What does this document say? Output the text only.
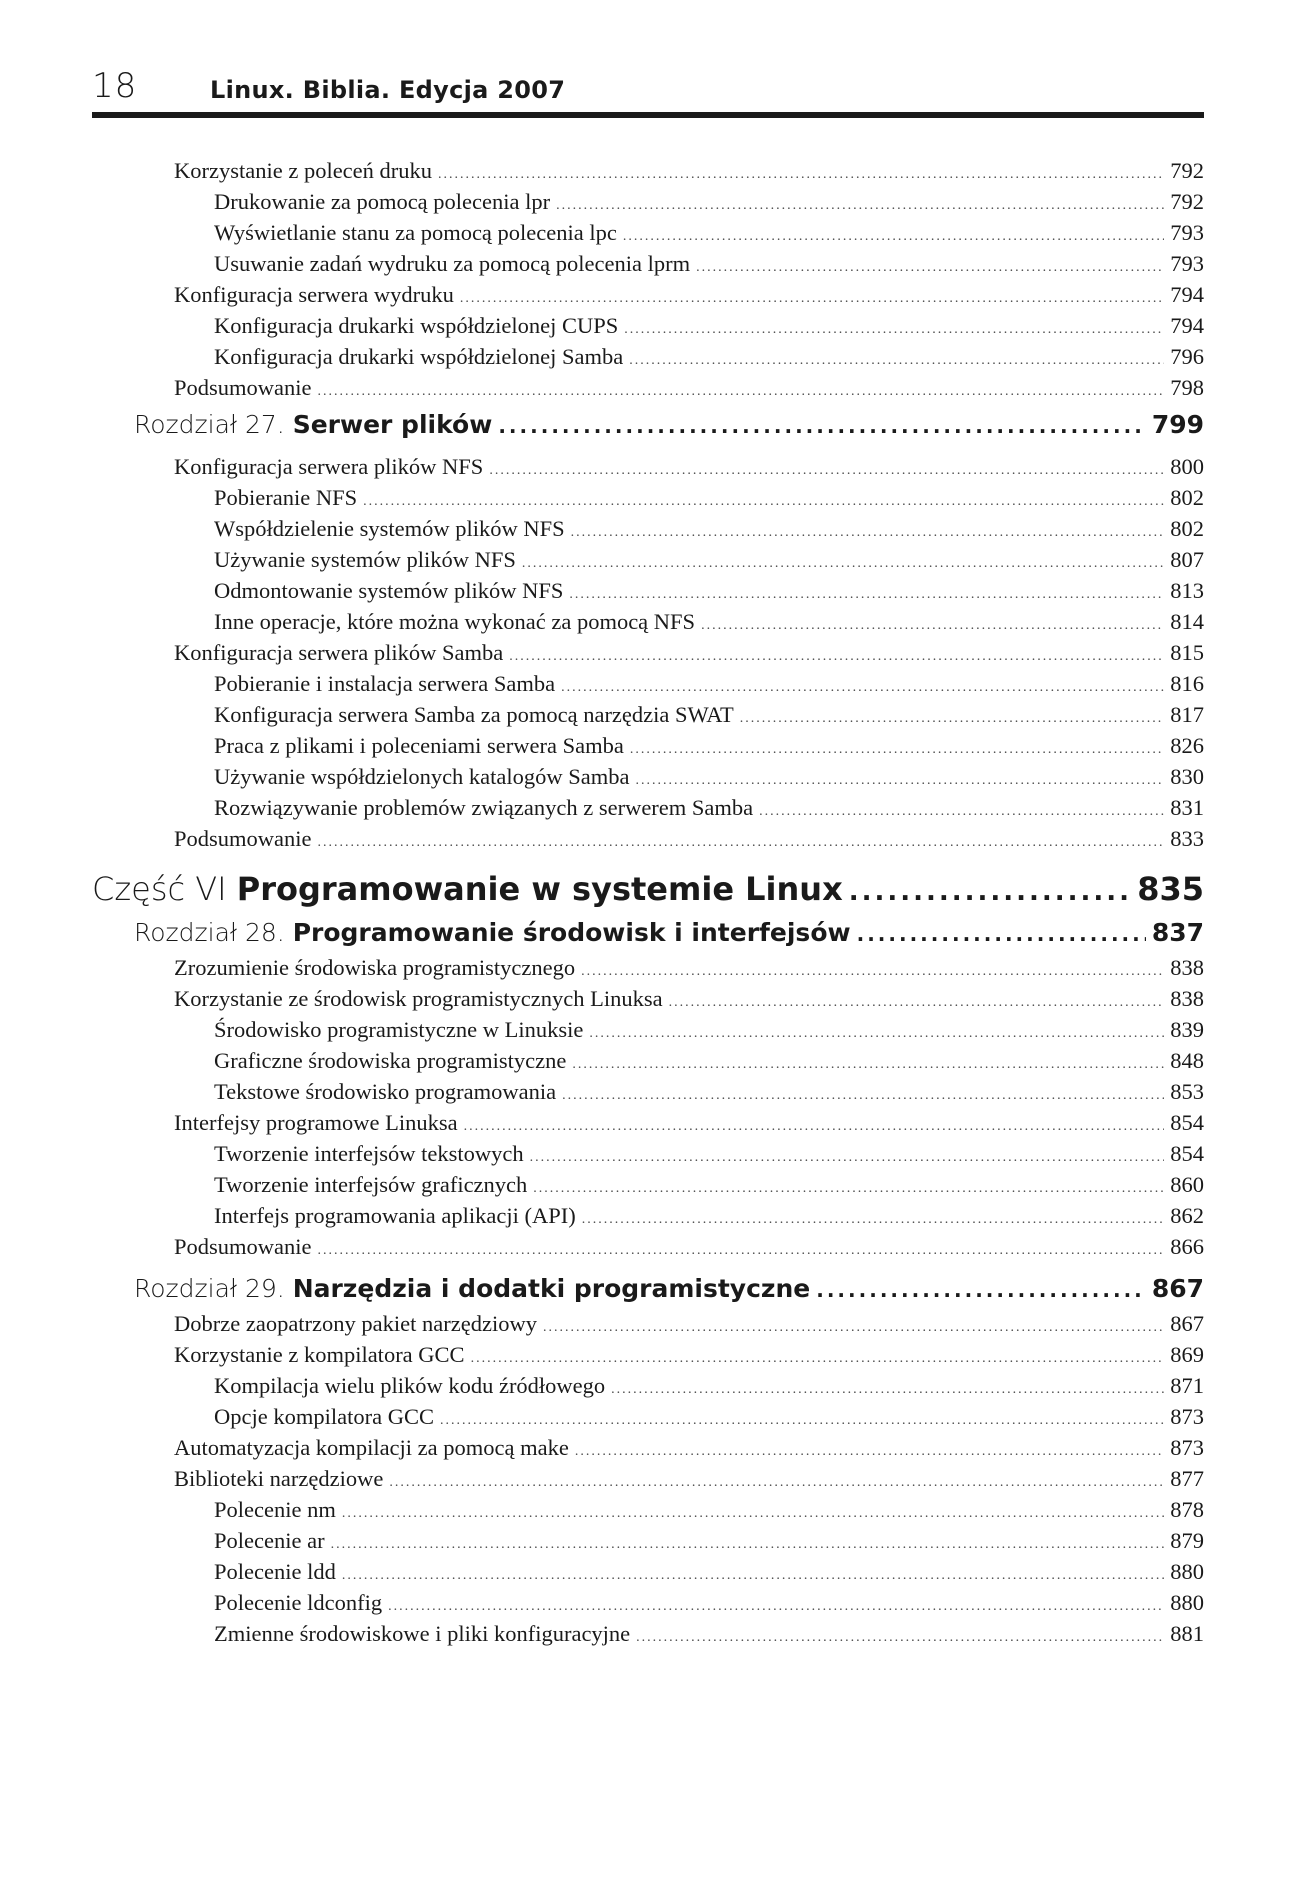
18	Linux. Biblia. Edycja 2007
Korzystanie z poleceń druku .....	792
Drukowanie za pomocą polecenia lpr .....	792
Wyświetlanie stanu za pomocą polecenia lpc .....	793
Usuwanie zadań wydruku za pomocą polecenia lprm .....	793
Konfiguracja serwera wydruku .....	794
Konfiguracja drukarki współdzielonej CUPS .....	794
Konfiguracja drukarki współdzielonej Samba .....	796
Podsumowanie .....	798
Rozdział 27. Serwer plików .....	799
Konfiguracja serwera plików NFS .....	800
Pobieranie NFS .....	802
Współdzielenie systemów plików NFS .....	802
Używanie systemów plików NFS .....	807
Odmontowanie systemów plików NFS .....	813
Inne operacje, które można wykonać za pomocą NFS .....	814
Konfiguracja serwera plików Samba .....	815
Pobieranie i instalacja serwera Samba .....	816
Konfiguracja serwera Samba za pomocą narzędzia SWAT .....	817
Praca z plikami i poleceniami serwera Samba .....	826
Używanie współdzielonych katalogów Samba .....	830
Rozwiązywanie problemów związanych z serwerem Samba .....	831
Podsumowanie .....	833
Część VI Programowanie w systemie Linux .....	835
Rozdział 28. Programowanie środowisk i interfejsów .....	837
Zrozumienie środowiska programistycznego .....	838
Korzystanie ze środowisk programistycznych Linuksa .....	838
Środowisko programistyczne w Linuksie .....	839
Graficzne środowiska programistyczne .....	848
Tekstowe środowisko programowania .....	853
Interfejsy programowe Linuksa .....	854
Tworzenie interfejsów tekstowych .....	854
Tworzenie interfejsów graficznych .....	860
Interfejs programowania aplikacji (API) .....	862
Podsumowanie .....	866
Rozdział 29. Narzędzia i dodatki programistyczne .....	867
Dobrze zaopatrzony pakiet narzędziowy .....	867
Korzystanie z kompilatora GCC .....	869
Kompilacja wielu plików kodu źródłowego .....	871
Opcje kompilatora GCC .....	873
Automatyzacja kompilacji za pomocą make .....	873
Biblioteki narzędziowe .....	877
Polecenie nm .....	878
Polecenie ar .....	879
Polecenie ldd .....	880
Polecenie ldconfig .....	880
Zmienne środowiskowe i pliki konfiguracyjne .....	881
